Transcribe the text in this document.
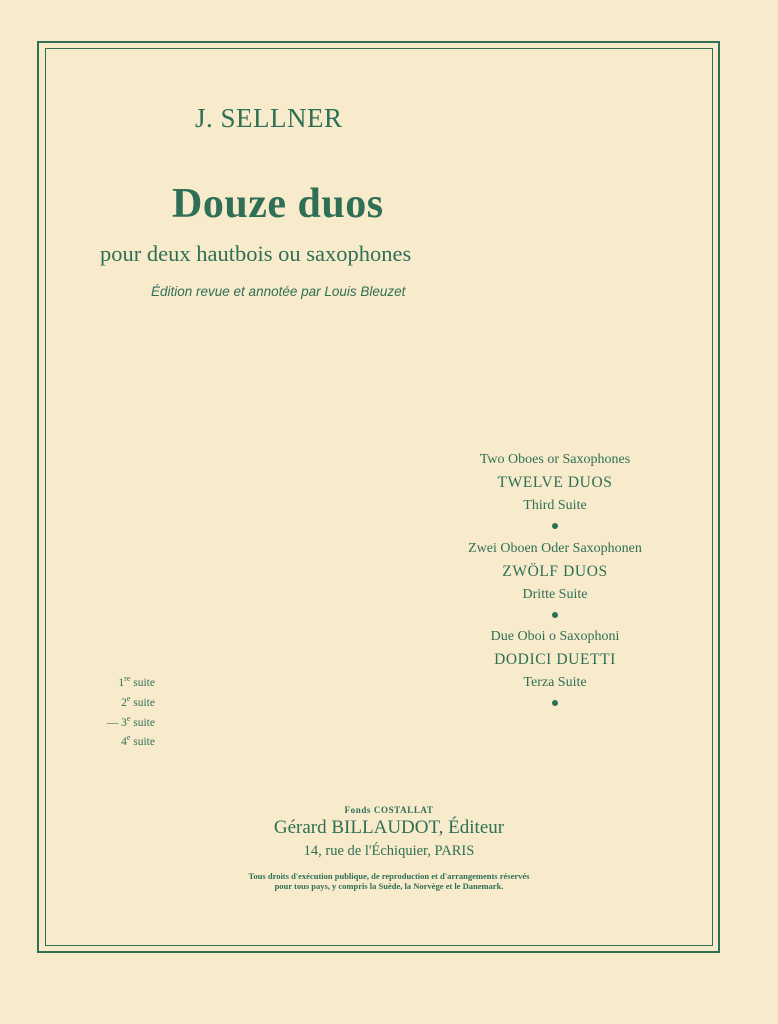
J. SELLNER
Douze duos
pour deux hautbois ou saxophones
Édition revue et annotée par Louis Bleuzet
Two Oboes or Saxophones
TWELVE DUOS
Third Suite
Zwei Oboen Oder Saxophonen
ZWÖLF DUOS
Dritte Suite
Due Oboi o Saxophoni
DODICI DUETTI
Terza Suite
1re suite
2e suite
— 3e suite
4e suite
Fonds COSTALLAT
Gérard BILLAUDOT, Éditeur
14, rue de l'Échiquier, PARIS
Tous droits d'exécution publique, de reproduction et d'arrangements réservés
pour tous pays, y compris la Suède, la Norvège et le Danemark.
